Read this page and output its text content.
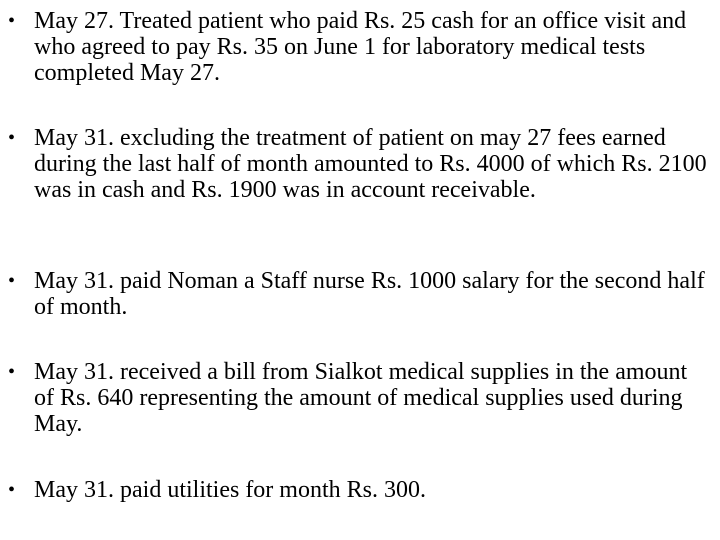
• May 27. Treated patient who paid Rs. 25 cash for an office visit and who agreed to pay Rs. 35 on June 1 for laboratory medical tests completed May 27.
• May 31. excluding the treatment of patient on may 27 fees earned during the last half of month amounted to Rs. 4000 of which Rs. 2100 was in cash and Rs. 1900 was in account receivable.
• May 31. paid Noman a Staff nurse Rs. 1000 salary for the second half of month.
• May 31. received a bill from Sialkot medical supplies in the amount of Rs. 640 representing the amount of medical supplies used during May.
• May 31. paid utilities for month Rs. 300.
